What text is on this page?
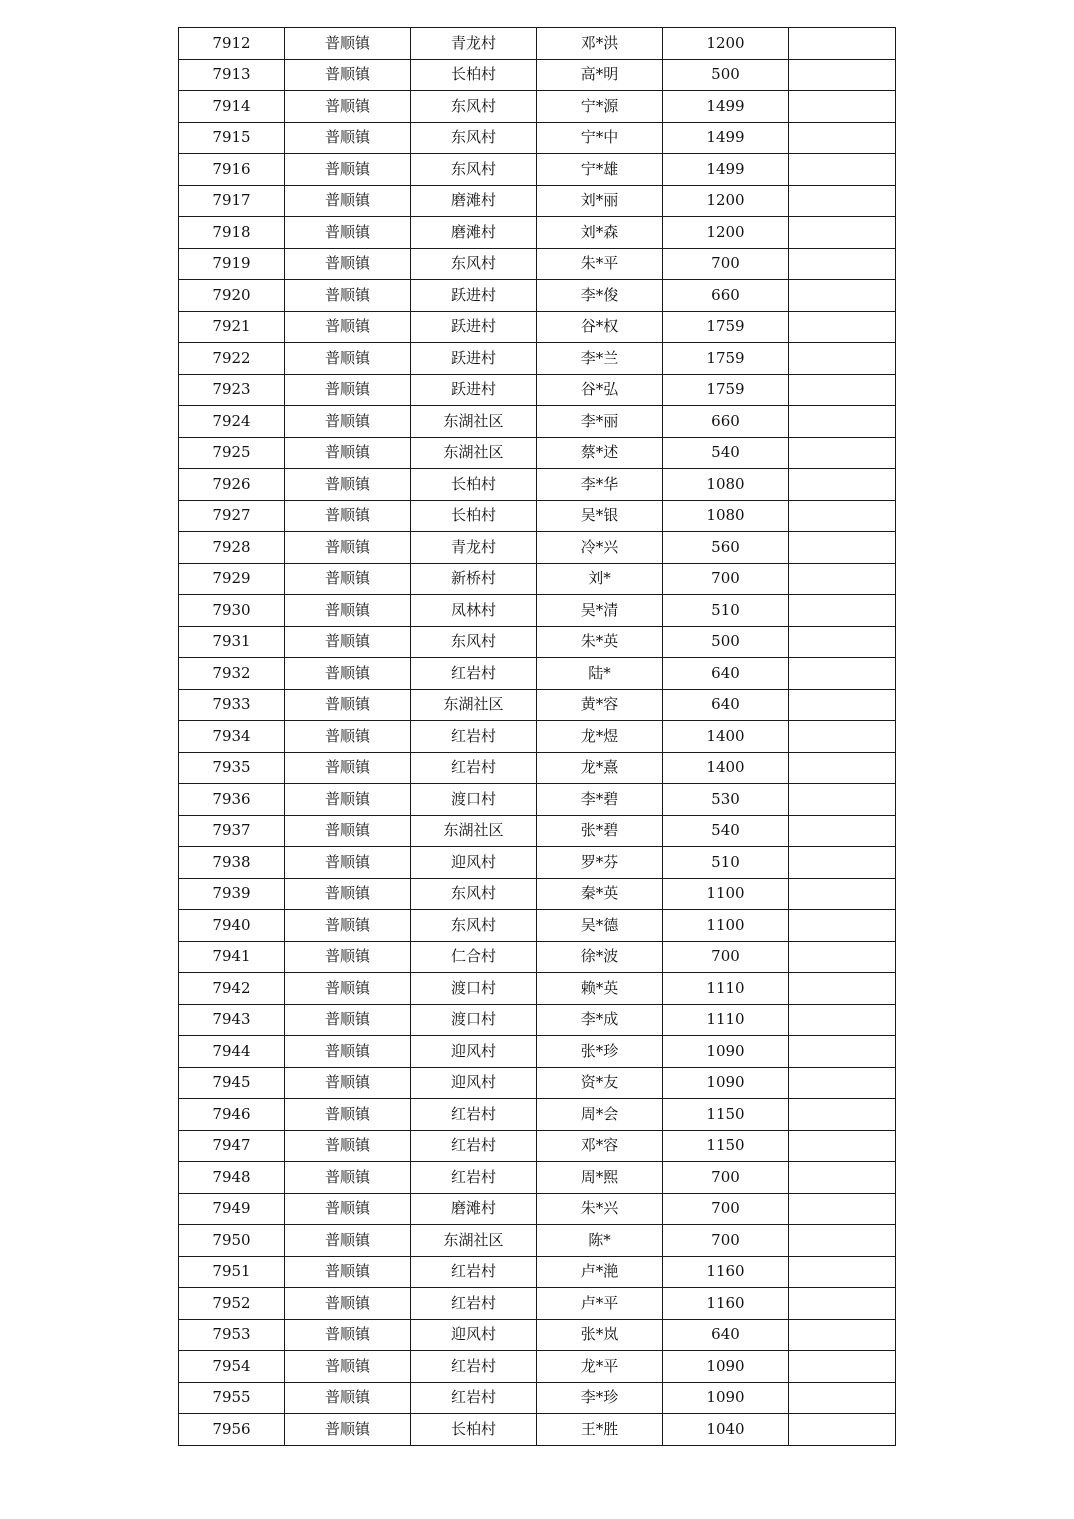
7912	普顺镇	青龙村	邓*洪	1200	
7913	普顺镇	长柏村	高*明	500	
7914	普顺镇	东风村	宁*源	1499	
7915	普顺镇	东风村	宁*中	1499	
7916	普顺镇	东风村	宁*雄	1499	
7917	普顺镇	磨滩村	刘*丽	1200	
7918	普顺镇	磨滩村	刘*森	1200	
7919	普顺镇	东风村	朱*平	700	
7920	普顺镇	跃进村	李*俊	660	
7921	普顺镇	跃进村	谷*权	1759	
7922	普顺镇	跃进村	李*兰	1759	
7923	普顺镇	跃进村	谷*弘	1759	
7924	普顺镇	东湖社区	李*丽	660	
7925	普顺镇	东湖社区	蔡*述	540	
7926	普顺镇	长柏村	李*华	1080	
7927	普顺镇	长柏村	吴*银	1080	
7928	普顺镇	青龙村	冷*兴	560	
7929	普顺镇	新桥村	刘*	700	
7930	普顺镇	凤林村	吴*清	510	
7931	普顺镇	东风村	朱*英	500	
7932	普顺镇	红岩村	陆*	640	
7933	普顺镇	东湖社区	黄*容	640	
7934	普顺镇	红岩村	龙*煜	1400	
7935	普顺镇	红岩村	龙*熹	1400	
7936	普顺镇	渡口村	李*碧	530	
7937	普顺镇	东湖社区	张*碧	540	
7938	普顺镇	迎风村	罗*芬	510	
7939	普顺镇	东风村	秦*英	1100	
7940	普顺镇	东风村	吴*德	1100	
7941	普顺镇	仁合村	徐*波	700	
7942	普顺镇	渡口村	赖*英	1110	
7943	普顺镇	渡口村	李*成	1110	
7944	普顺镇	迎风村	张*珍	1090	
7945	普顺镇	迎风村	资*友	1090	
7946	普顺镇	红岩村	周*会	1150	
7947	普顺镇	红岩村	邓*容	1150	
7948	普顺镇	红岩村	周*熙	700	
7949	普顺镇	磨滩村	朱*兴	700	
7950	普顺镇	东湖社区	陈*	700	
7951	普顺镇	红岩村	卢*滟	1160	
7952	普顺镇	红岩村	卢*平	1160	
7953	普顺镇	迎风村	张*岚	640	
7954	普顺镇	红岩村	龙*平	1090	
7955	普顺镇	红岩村	李*珍	1090	
7956	普顺镇	长柏村	王*胜	1040	
